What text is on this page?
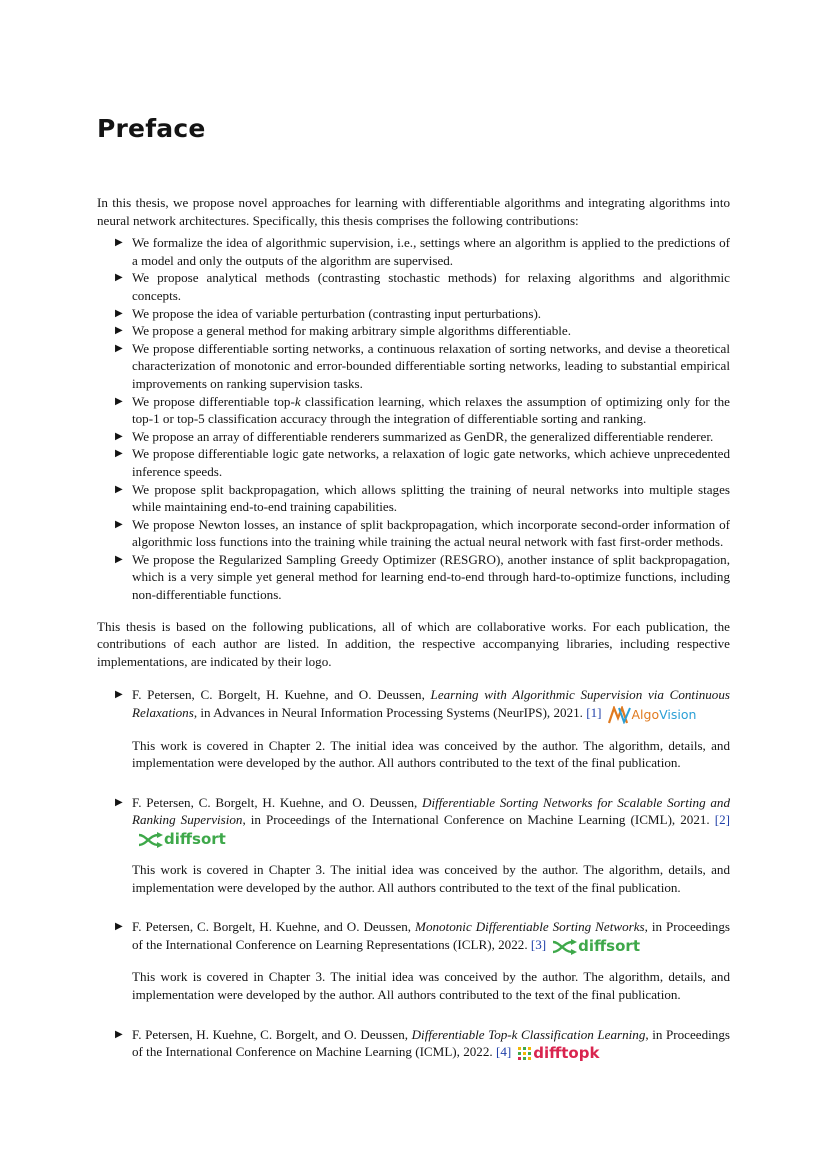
Preface

In this thesis, we propose novel approaches for learning with differentiable algorithms and integrating algorithms into neural network architectures. Specifically, this thesis comprises the following contributions:

▶ We formalize the idea of algorithmic supervision, i.e., settings where an algorithm is applied to the predictions of a model and only the outputs of the algorithm are supervised.
▶ We propose analytical methods (contrasting stochastic methods) for relaxing algorithms and algorithmic concepts.
▶ We propose the idea of variable perturbation (contrasting input perturbations).
▶ We propose a general method for making arbitrary simple algorithms differentiable.
▶ We propose differentiable sorting networks, a continuous relaxation of sorting networks, and devise a theoretical characterization of monotonic and error-bounded differentiable sorting networks, leading to substantial empirical improvements on ranking supervision tasks.
▶ We propose differentiable top-k classification learning, which relaxes the assumption of optimizing only for the top-1 or top-5 classification accuracy through the integration of differentiable sorting and ranking.
▶ We propose an array of differentiable renderers summarized as GenDR, the generalized differentiable renderer.
▶ We propose differentiable logic gate networks, a relaxation of logic gate networks, which achieve unprecedented inference speeds.
▶ We propose split backpropagation, which allows splitting the training of neural networks into multiple stages while maintaining end-to-end training capabilities.
▶ We propose Newton losses, an instance of split backpropagation, which incorporate second-order information of algorithmic loss functions into the training while training the actual neural network with fast first-order methods.
▶ We propose the Regularized Sampling Greedy Optimizer (RESGRO), another instance of split backpropagation, which is a very simple yet general method for learning end-to-end through hard-to-optimize functions, including non-differentiable functions.

This thesis is based on the following publications, all of which are collaborative works. For each publication, the contributions of each author are listed. In addition, the respective accompanying libraries, including respective implementations, are indicated by their logo.

▶ F. Petersen, C. Borgelt, H. Kuehne, and O. Deussen, Learning with Algorithmic Supervision via Continuous Relaxations, in Advances in Neural Information Processing Systems (NeurIPS), 2021. [1] AlgoVision
This work is covered in Chapter 2. The initial idea was conceived by the author. The algorithm, details, and implementation were developed by the author. All authors contributed to the text of the final publication.
▶ F. Petersen, C. Borgelt, H. Kuehne, and O. Deussen, Differentiable Sorting Networks for Scalable Sorting and Ranking Supervision, in Proceedings of the International Conference on Machine Learning (ICML), 2021. [2]diffsort
This work is covered in Chapter 3. The initial idea was conceived by the author. The algorithm, details, and implementation were developed by the author. All authors contributed to the text of the final publication.
▶ F. Petersen, C. Borgelt, H. Kuehne, and O. Deussen, Monotonic Differentiable Sorting Networks, in Proceedings of the International Conference on Learning Representations (ICLR), 2022. [3] diffsort
This work is covered in Chapter 3. The initial idea was conceived by the author. The algorithm, details, and implementation were developed by the author. All authors contributed to the text of the final publication.
▶ F. Petersen, H. Kuehne, C. Borgelt, and O. Deussen, Differentiable Top-k Classification Learning, in Proceedings of the International Conference on Machine Learning (ICML), 2022. [4] difftopk
